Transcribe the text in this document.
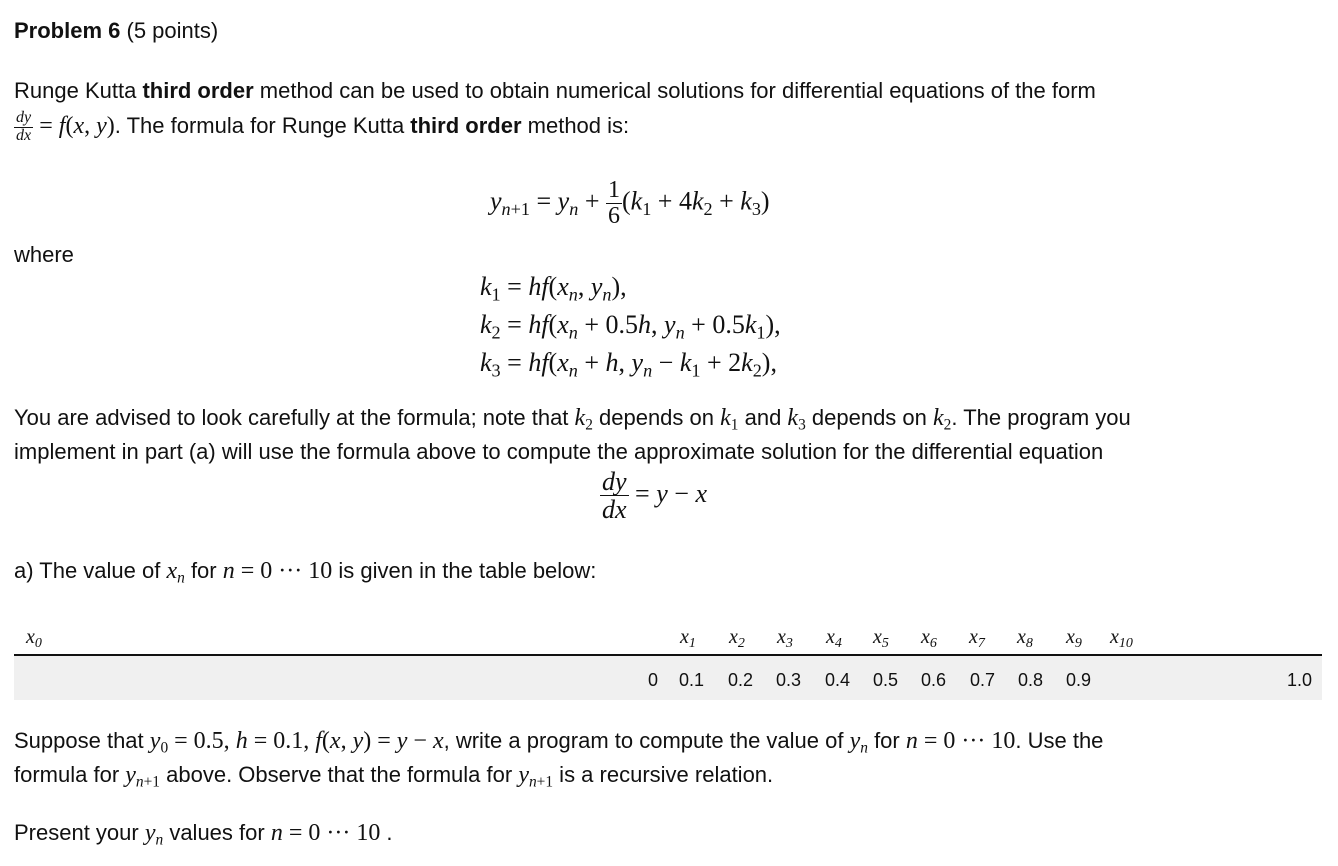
Problem 6 (5 points)
Runge Kutta third order method can be used to obtain numerical solutions for differential equations of the form
$\frac{dy}{dx} = f(x$, y). The formula for Runge Kutta third order method is:
$y_{n+1} = y_n + \frac{1}{6} (k_1 + 4k_2 + k_3)$
where
$k_1 = hf(x_n$, $y_n$),
$k_2 = hf(x_n + 0.5h$, $y_n + 0.5k_1$),
$k_3 = hf(x_n + h$, $y_n - k_1 + 2k_2$),
You are advised to look carefully at the formula; note that $k_2$ depends on $k_1$ and $k_3$ depends on $k_2$. The program you
implement in part (a) will use the formula above to compute the approximate solution for the differential equation
$\frac{dy}{dx} = y - x$
a) The value of $x_n$ for n = 0 ··· 10 is given in the table below:
$x_0$	$x_1$ $x_2$ $x_3$ $x_4$ $x_5$ $x_6$ $x_7$ $x_8$ $x_9$ $x_{10}$
0	0.1	0.2	0.3	0.4	0.5	0.6	0.7	0.8	0.9	1.0
Suppose that $y_0 = 0.5$, h = 0.1, f(x, y) = y − x, write a program to compute the value of $y_n$ for n = 0 ··· 10. Use the
formula for $y_{n+1}$ above. Observe that the formula for $y_{n+1}$ is a recursive relation.
Present your $y_n$ values for n = 0 ··· 10 .
